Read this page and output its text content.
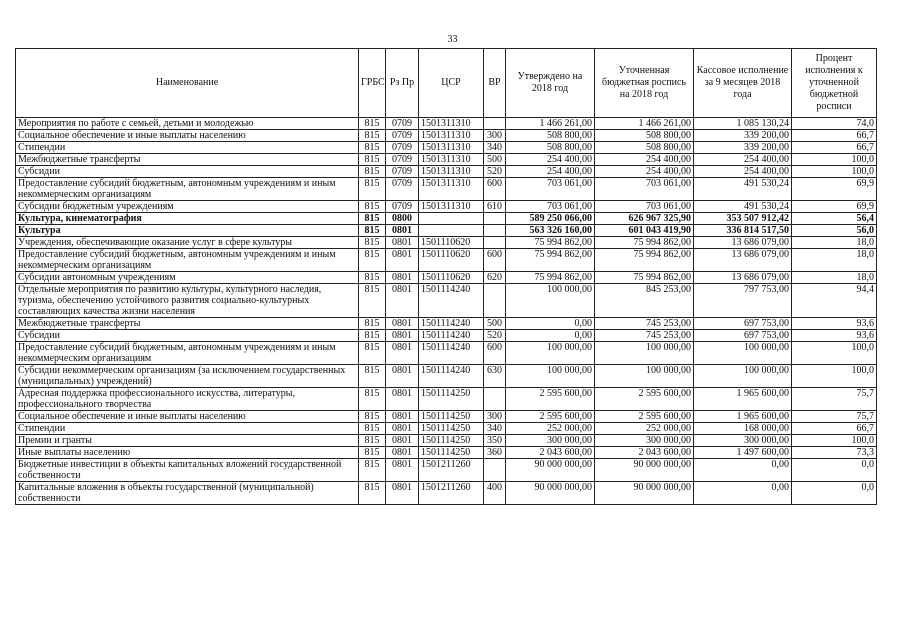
33
Наименование	ГРБС	Рз Пр	ЦСР	ВР	Утверждено на 2018 год	Уточненная бюджетная роспись на 2018 год	Кассовое исполнение за 9 месяцев 2018 года	Процент исполнения к уточненной бюджетной росписи
Мероприятия по работе с семьей, детьми и молодежью	815	0709	1501311310		1 466 261,00	1 466 261,00	1 085 130,24	74,0
Социальное обеспечение и иные выплаты населению	815	0709	1501311310	300	508 800,00	508 800,00	339 200,00	66,7
Стипендии	815	0709	1501311310	340	508 800,00	508 800,00	339 200,00	66,7
Межбюджетные трансферты	815	0709	1501311310	500	254 400,00	254 400,00	254 400,00	100,0
Субсидии	815	0709	1501311310	520	254 400,00	254 400,00	254 400,00	100,0
Предоставление субсидий бюджетным, автономным учреждениям и иным некоммерческим организациям	815	0709	1501311310	600	703 061,00	703 061,00	491 530,24	69,9
Субсидии бюджетным учреждениям	815	0709	1501311310	610	703 061,00	703 061,00	491 530,24	69,9
Культура, кинематография	815	0800			589 250 066,00	626 967 325,90	353 507 912,42	56,4
Культура	815	0801			563 326 160,00	601 043 419,90	336 814 517,50	56,0
Учреждения, обеспечивающие оказание услуг в сфере культуры	815	0801	1501110620		75 994 862,00	75 994 862,00	13 686 079,00	18,0
Предоставление субсидий бюджетным, автономным учреждениям и иным некоммерческим организациям	815	0801	1501110620	600	75 994 862,00	75 994 862,00	13 686 079,00	18,0
Субсидии автономным учреждениям	815	0801	1501110620	620	75 994 862,00	75 994 862,00	13 686 079,00	18,0
Отдельные мероприятия по развитию культуры, культурного наследия, туризма, обеспечению устойчивого развития социально-культурных составляющих качества жизни населения	815	0801	1501114240		100 000,00	845 253,00	797 753,00	94,4
Межбюджетные трансферты	815	0801	1501114240	500	0,00	745 253,00	697 753,00	93,6
Субсидии	815	0801	1501114240	520	0,00	745 253,00	697 753,00	93,6
Предоставление субсидий бюджетным, автономным учреждениям и иным некоммерческим организациям	815	0801	1501114240	600	100 000,00	100 000,00	100 000,00	100,0
Субсидии некоммерческим организациям (за исключением государственных (муниципальных) учреждений)	815	0801	1501114240	630	100 000,00	100 000,00	100 000,00	100,0
Адресная поддержка профессионального искусства, литературы, профессионального творчества	815	0801	1501114250		2 595 600,00	2 595 600,00	1 965 600,00	75,7
Социальное обеспечение и иные выплаты населению	815	0801	1501114250	300	2 595 600,00	2 595 600,00	1 965 600,00	75,7
Стипендии	815	0801	1501114250	340	252 000,00	252 000,00	168 000,00	66,7
Премии и гранты	815	0801	1501114250	350	300 000,00	300 000,00	300 000,00	100,0
Иные выплаты населению	815	0801	1501114250	360	2 043 600,00	2 043 600,00	1 497 600,00	73,3
Бюджетные инвестиции в объекты капитальных вложений государственной собственности	815	0801	1501211260		90 000 000,00	90 000 000,00	0,00	0,0
Капитальные вложения в объекты государственной (муниципальной) собственности	815	0801	1501211260	400	90 000 000,00	90 000 000,00	0,00	0,0
